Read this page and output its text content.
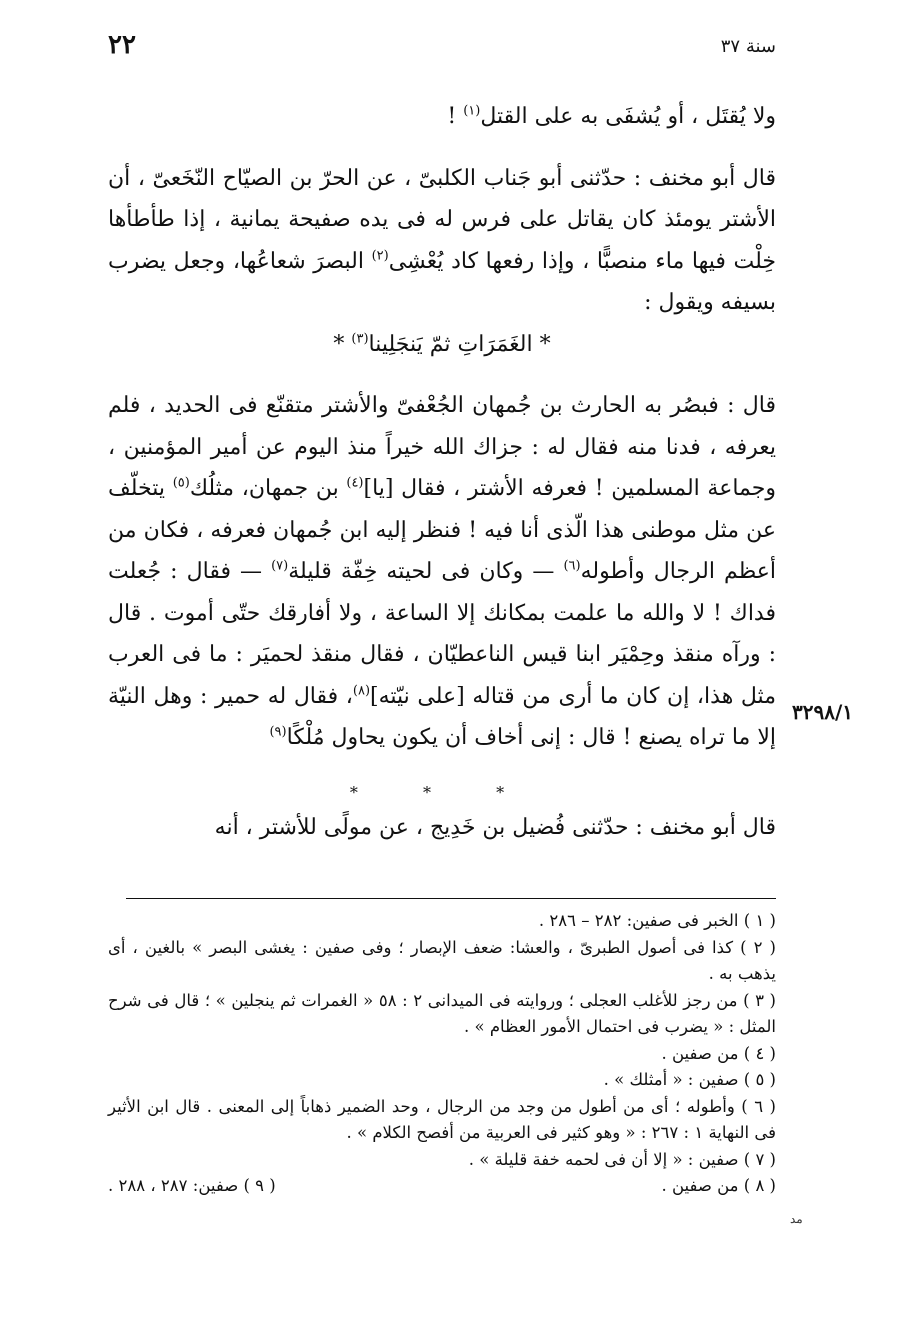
٢٢	سنة ٣٧

ولا يُقتَل ، أو يُشفَى به على القتل$^{(١)}$ !

قال أبو مخنف : حدّثنى أبو جَناب الكلبىّ ، عن الحرّ بن الصيّاح النّخَعىّ ، أن الأشتر يومئذ كان يقاتل على فرس له فى يده صفيحة يمانية ، إذا طأطأها خِلْت فيها ماء منصبًّا ، وإذا رفعها كاد يُعْشِى$^{(٢)}$ البصرَ شعاعُها، وجعل يضرب بسيفه ويقول :

* الغَمَرَاتِ ثمّ يَنجَلِينا$^{(٣)}$ *

قال : فبصُر به الحارث بن جُمهان الجُعْفىّ والأشتر متقنّع فى الحديد ، فلم يعرفه ، فدنا منه فقال له : جزاك الله خيراً منذ اليوم عن أمير المؤمنين ، وجماعة المسلمين ! فعرفه الأشتر ، فقال [يا]$^{(٤)}$ بن جمهان، مثلُك$^{(٥)}$ يتخلّف عن مثل موطنى هذا الّذى أنا فيه ! فنظر إليه ابن جُمهان فعرفه ، فكان من أعظم الرجال وأطوله$^{(٦)}$ — وكان فى لحيته خِفّة قليلة$^{(٧)}$ — فقال : جُعلت فداك ! لا والله ما علمت بمكانك إلا الساعة ، ولا أفارقك حتّى أموت . قال : ورآه منقذ وحِمْيَر ابنا قيس الناعطيّان ، فقال منقذ لحميَر : ما فى العرب مثل هذا، إن كان ما أرى من قتاله [على نيّته]$^{(٨)}$، فقال له حمير : وهل النيّة إلا ما تراه يصنع ! قال : إنى أخاف أن يكون يحاول مُلْكًا$^{(٩)}$

* * *

قال أبو مخنف : حدّثنى فُضيل بن خَدِيج ، عن مولًى للأشتر ، أنه

( ١ ) الخبر فى صفين: ٢٨٢ – ٢٨٦ .

( ٢ ) كذا فى أصول الطبرىّ ، والعشا: ضعف الإبصار ؛ وفى صفين : يغشى البصر » بالغين ، أى يذهب به .

( ٣ ) من رجز للأغلب العجلى ؛ وروايته فى الميدانى ٢ : ٥٨ « الغمرات ثم ينجلين » ؛ قال فى شرح المثل : « يضرب فى احتمال الأمور العظام » .

( ٤ ) من صفين .

( ٥ ) صفين : « أمثلك » .

( ٦ ) وأطوله ؛ أى من أطول من وجد من الرجال ، وحد الضمير ذهاباً إلى المعنى . قال ابن الأثير فى النهاية ١ : ٢٦٧ : « وهو كثير فى العربية من أفصح الكلام » .

( ٧ ) صفين : « إلا أن فى لحمه خفة قليلة » .

( ٨ ) من صفين .
( ٩ ) صفين: ٢٨٧ ، ٢٨٨ .

٣٢٩٨/١
مد
